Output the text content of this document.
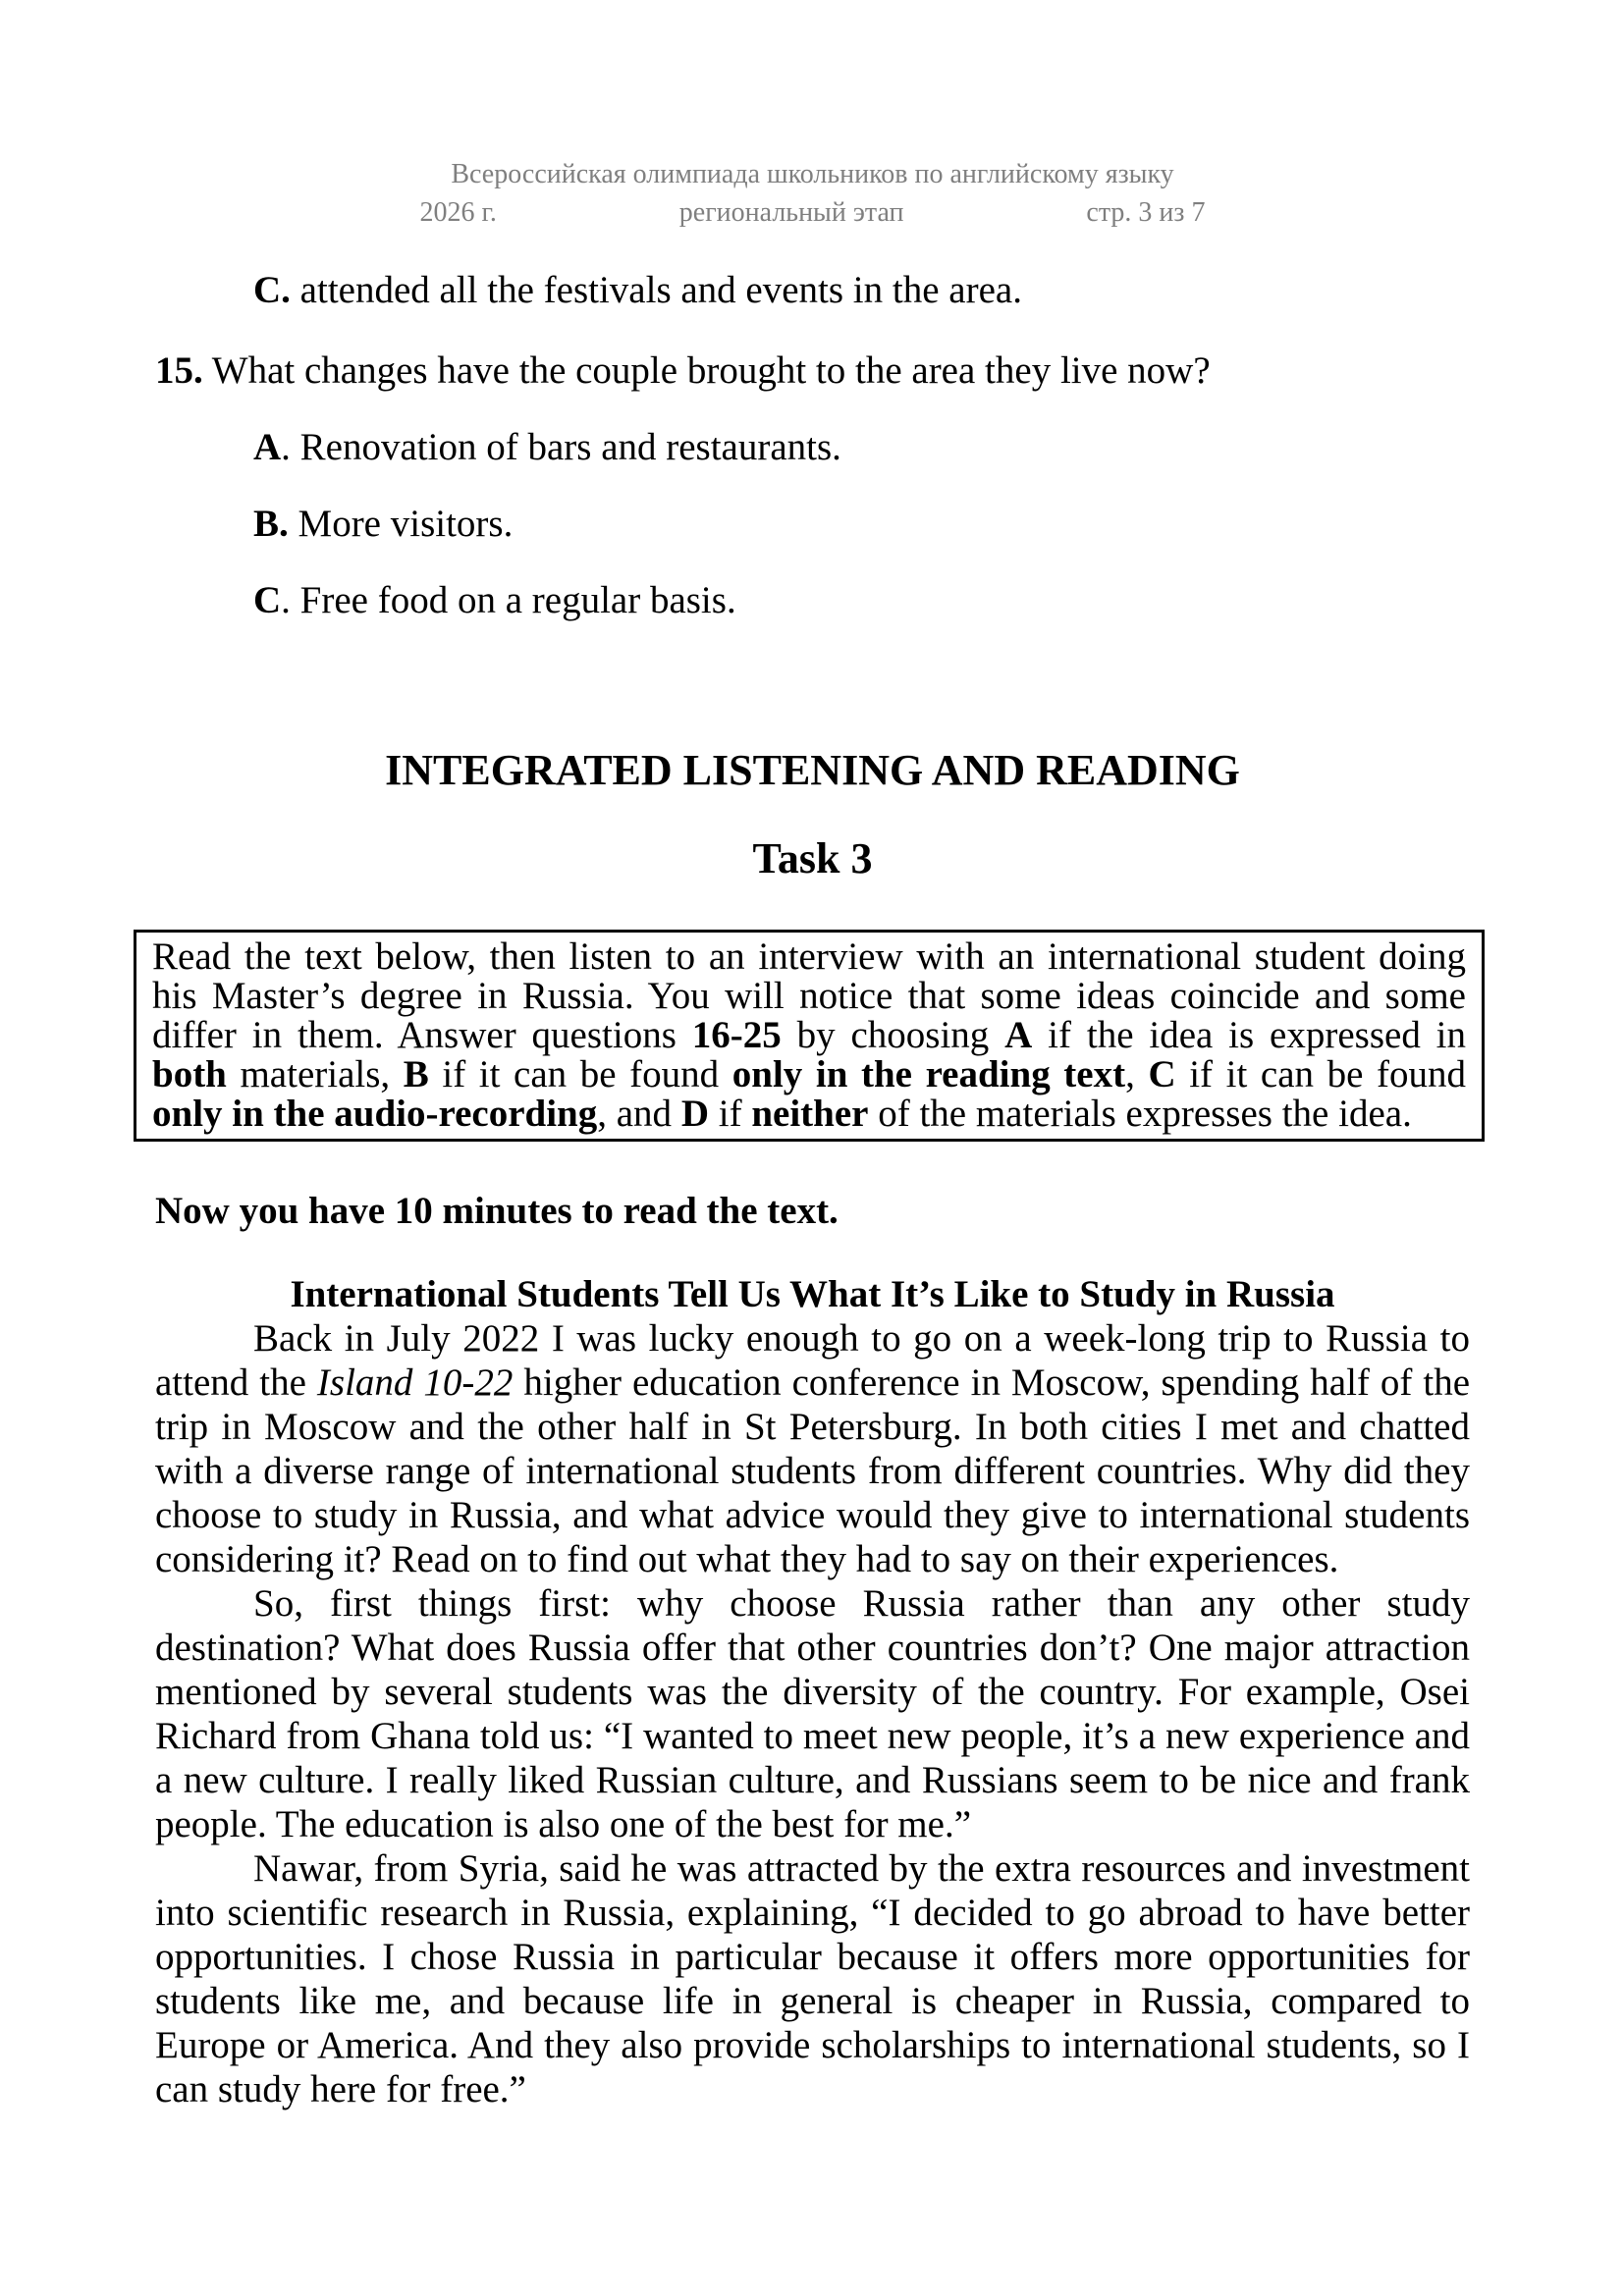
Всероссийская олимпиада школьников по английскому языку
2026 г.	региональный этап	стр. 3 из 7
C. attended all the festivals and events in the area.
15. What changes have the couple brought to the area they live now?
A. Renovation of bars and restaurants.
B. More visitors.
C. Free food on a regular basis.
INTEGRATED LISTENING AND READING
Task 3
Read the text below, then listen to an interview with an international student doing his Master’s degree in Russia. You will notice that some ideas coincide and some differ in them. Answer questions 16-25 by choosing A if the idea is expressed in both materials, B if it can be found only in the reading text, C if it can be found only in the audio-recording, and D if neither of the materials expresses the idea.

Now you have 10 minutes to read the text.

International Students Tell Us What It’s Like to Study in Russia

Back in July 2022 I was lucky enough to go on a week-long trip to Russia to attend the Island 10-22 higher education conference in Moscow, spending half of the trip in Moscow and the other half in St Petersburg. In both cities I met and chatted with a diverse range of international students from different countries. Why did they choose to study in Russia, and what advice would they give to international students considering it? Read on to find out what they had to say on their experiences.

So, first things first: why choose Russia rather than any other study destination? What does Russia offer that other countries don’t? One major attraction mentioned by several students was the diversity of the country. For example, Osei Richard from Ghana told us: “I wanted to meet new people, it’s a new experience and a new culture. I really liked Russian culture, and Russians seem to be nice and frank people. The education is also one of the best for me.”

Nawar, from Syria, said he was attracted by the extra resources and investment into scientific research in Russia, explaining, “I decided to go abroad to have better opportunities. I chose Russia in particular because it offers more opportunities for students like me, and because life in general is cheaper in Russia, compared to Europe or America. And they also provide scholarships to international students, so I can study here for free.”
